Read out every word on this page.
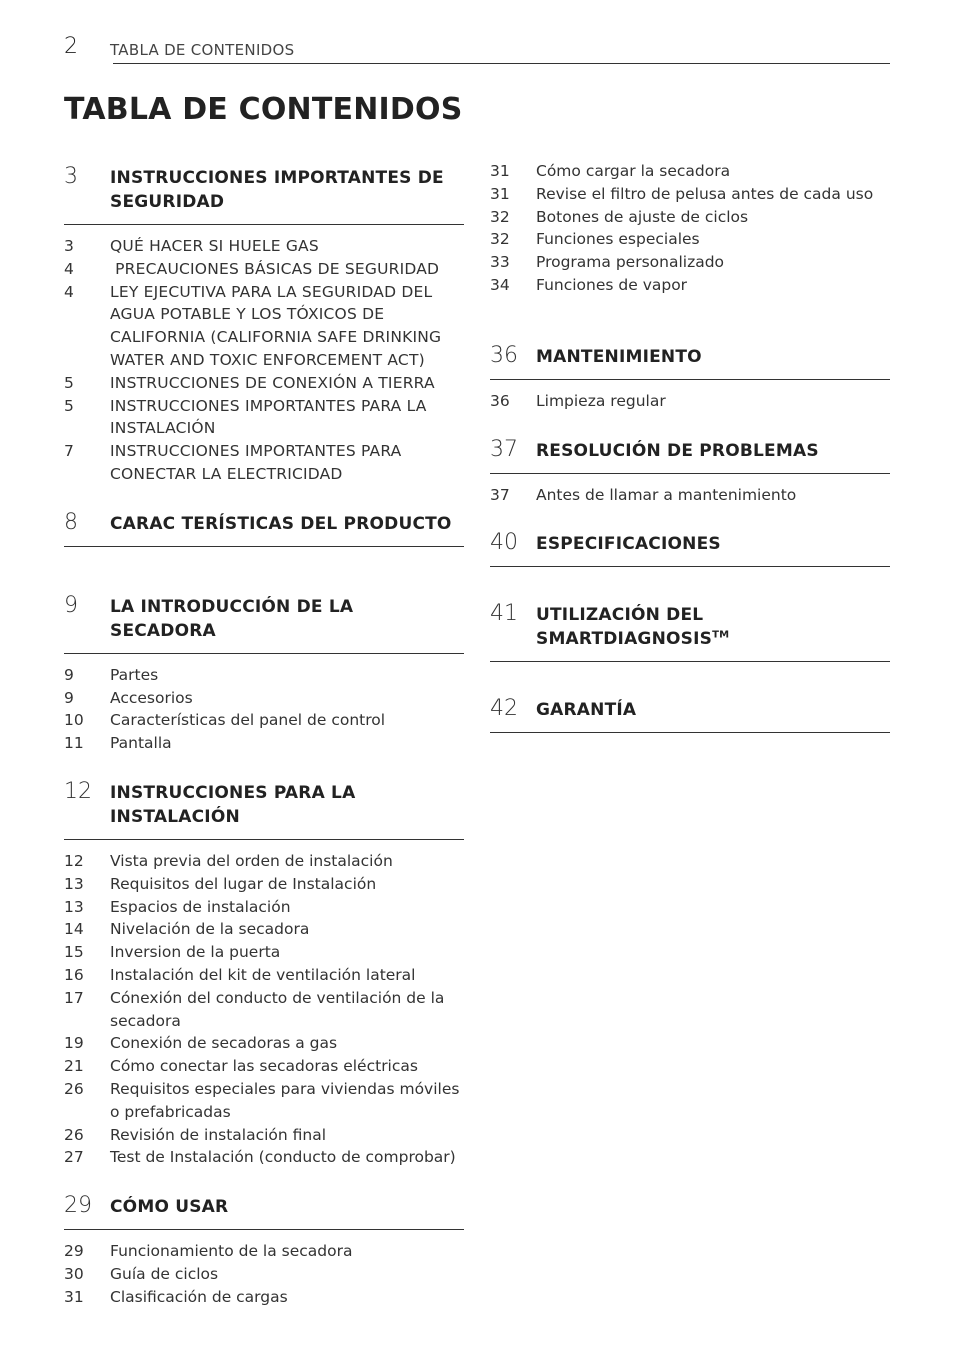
2 TABLA DE CONTENIDOS
TABLA DE CONTENIDOS
3	INSTRUCCIONES IMPORTANTES DE SEGURIDAD
3	QUÉ HACER SI HUELE GAS
4	PRECAUCIONES BÁSICAS DE SEGURIDAD
4	LEY EJECUTIVA PARA LA SEGURIDAD DEL AGUA POTABLE Y LOS TÓXICOS DE CALIFORNIA (CALIFORNIA SAFE DRINKING WATER AND TOXIC ENFORCEMENT ACT)
5	INSTRUCCIONES DE CONEXIÓN A TIERRA
5	INSTRUCCIONES IMPORTANTES PARA LA INSTALACIÓN
7	INSTRUCCIONES IMPORTANTES PARA CONECTAR LA ELECTRICIDAD
8	CARAC TERÍSTICAS DEL PRODUCTO
9	LA INTRODUCCIÓN DE LA SECADORA
9	Partes
9	Accesorios
10	Características del panel de control
11	Pantalla
12	INSTRUCCIONES PARA LA INSTALACIÓN
12	Vista previa del orden de instalación
13	Requisitos del lugar de Instalación
13	Espacios de instalación
14	Nivelación de la secadora
15	Inversion de la puerta
16	Instalación del kit de ventilación lateral
17	Cónexión del conducto de ventilación de la secadora
19	Conexión de secadoras a gas
21	Cómo conectar las secadoras eléctricas
26	Requisitos especiales para viviendas móviles o prefabricadas
26	Revisión de instalación final
27	Test de Instalación (conducto de comprobar)
29	CÓMO USAR
29	Funcionamiento de la secadora
30	Guía de ciclos
31	Clasificación de cargas
31	Cómo cargar la secadora
31	Revise el filtro de pelusa antes de cada uso
32	Botones de ajuste de ciclos
32	Funciones especiales
33	Programa personalizado
34	Funciones de vapor
36	MANTENIMIENTO
36	Limpieza regular
37	RESOLUCIÓN DE PROBLEMAS
37	Antes de llamar a mantenimiento
40	ESPECIFICACIONES
41	UTILIZACIÓN DEL SMARTDIAGNOSIS™
42	GARANTÍA
